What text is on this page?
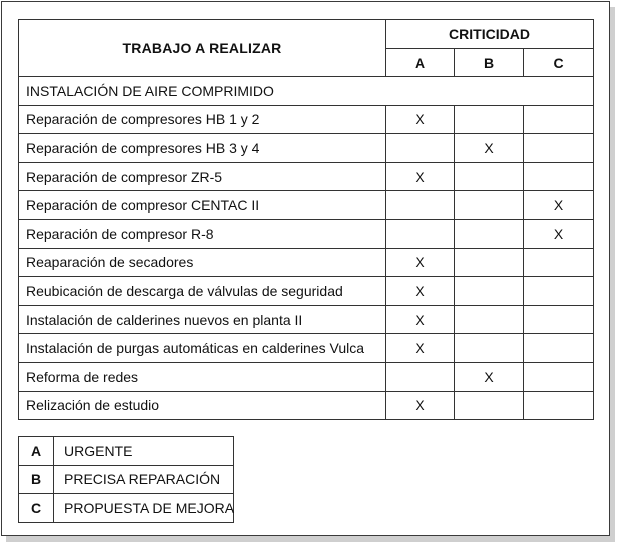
TRABAJO A REALIZAR	CRITICIDAD		
	A	B	C
INSTALACIÓN DE AIRE COMPRIMIDO			
Reparación de compresores HB 1 y 2	X		
Reparación de compresores HB 3 y 4		X	
Reparación de compresor ZR-5	X		
Reparación de compresor CENTAC II			X
Reparación de compresor R-8			X
Reaparación de secadores	X		
Reubicación de descarga de válvulas de seguridad	X		
Instalación de calderines nuevos en planta II	X		
Instalación de purgas automáticas en calderines Vulca	X		
Reforma de redes		X	
Relización de estudio	X		
A	URGENTE
B	PRECISA REPARACIÓN
C	PROPUESTA DE MEJORA
